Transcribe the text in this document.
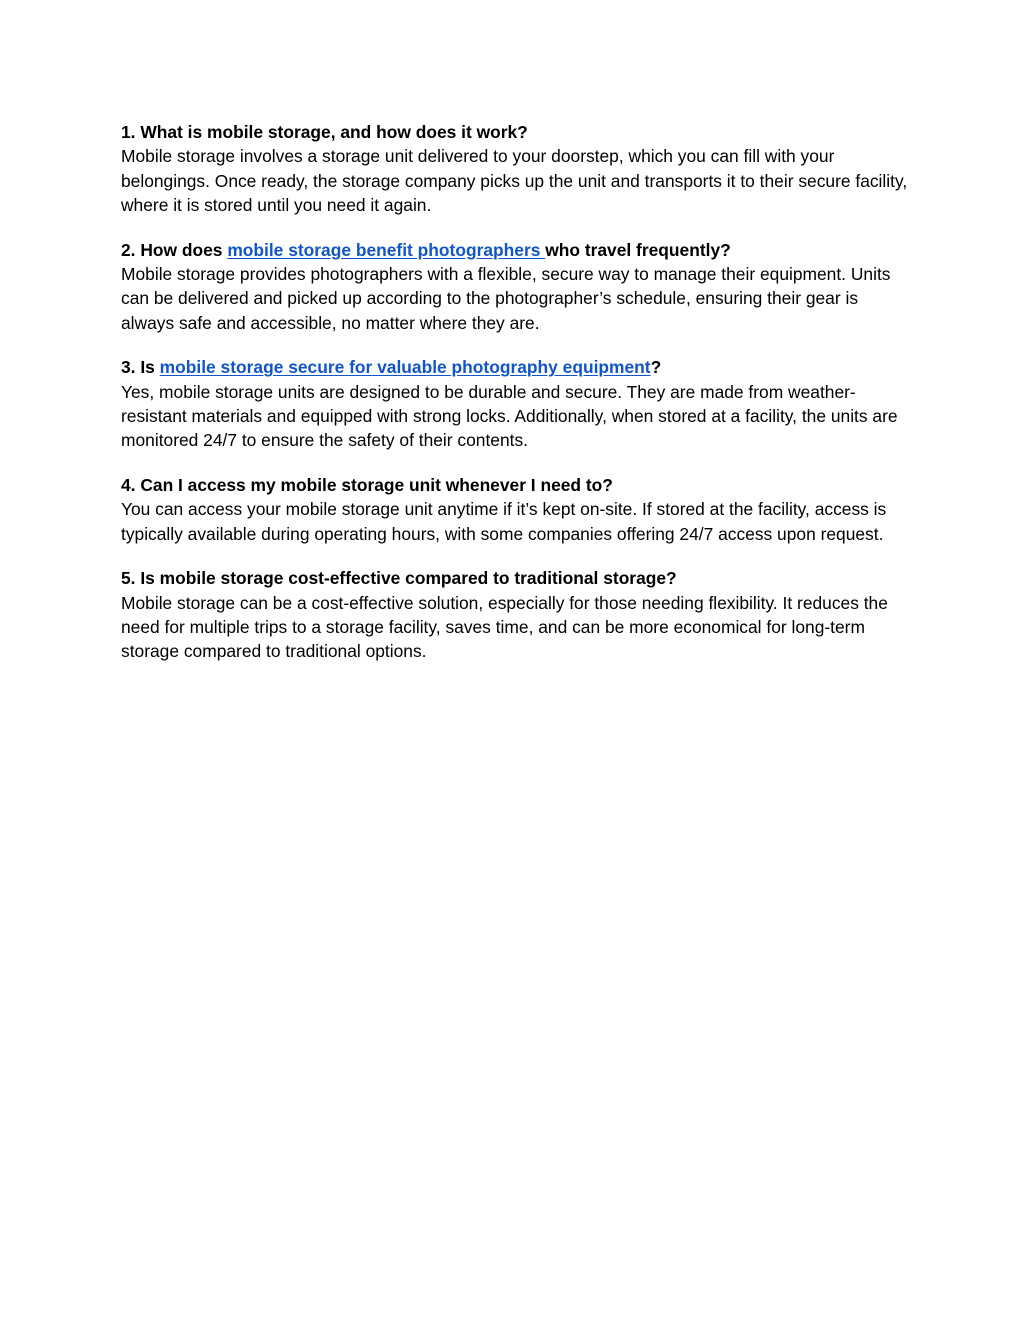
1. What is mobile storage, and how does it work?

Mobile storage involves a storage unit delivered to your doorstep, which you can fill with your belongings. Once ready, the storage company picks up the unit and transports it to their secure facility, where it is stored until you need it again.

2. How does mobile storage benefit photographers who travel frequently?

Mobile storage provides photographers with a flexible, secure way to manage their equipment. Units can be delivered and picked up according to the photographer’s schedule, ensuring their gear is always safe and accessible, no matter where they are.

3. Is mobile storage secure for valuable photography equipment?

Yes, mobile storage units are designed to be durable and secure. They are made from weather-resistant materials and equipped with strong locks. Additionally, when stored at a facility, the units are monitored 24/7 to ensure the safety of their contents.

4. Can I access my mobile storage unit whenever I need to?

You can access your mobile storage unit anytime if it’s kept on-site. If stored at the facility, access is typically available during operating hours, with some companies offering 24/7 access upon request.

5. Is mobile storage cost-effective compared to traditional storage?

Mobile storage can be a cost-effective solution, especially for those needing flexibility. It reduces the need for multiple trips to a storage facility, saves time, and can be more economical for long-term storage compared to traditional options.
